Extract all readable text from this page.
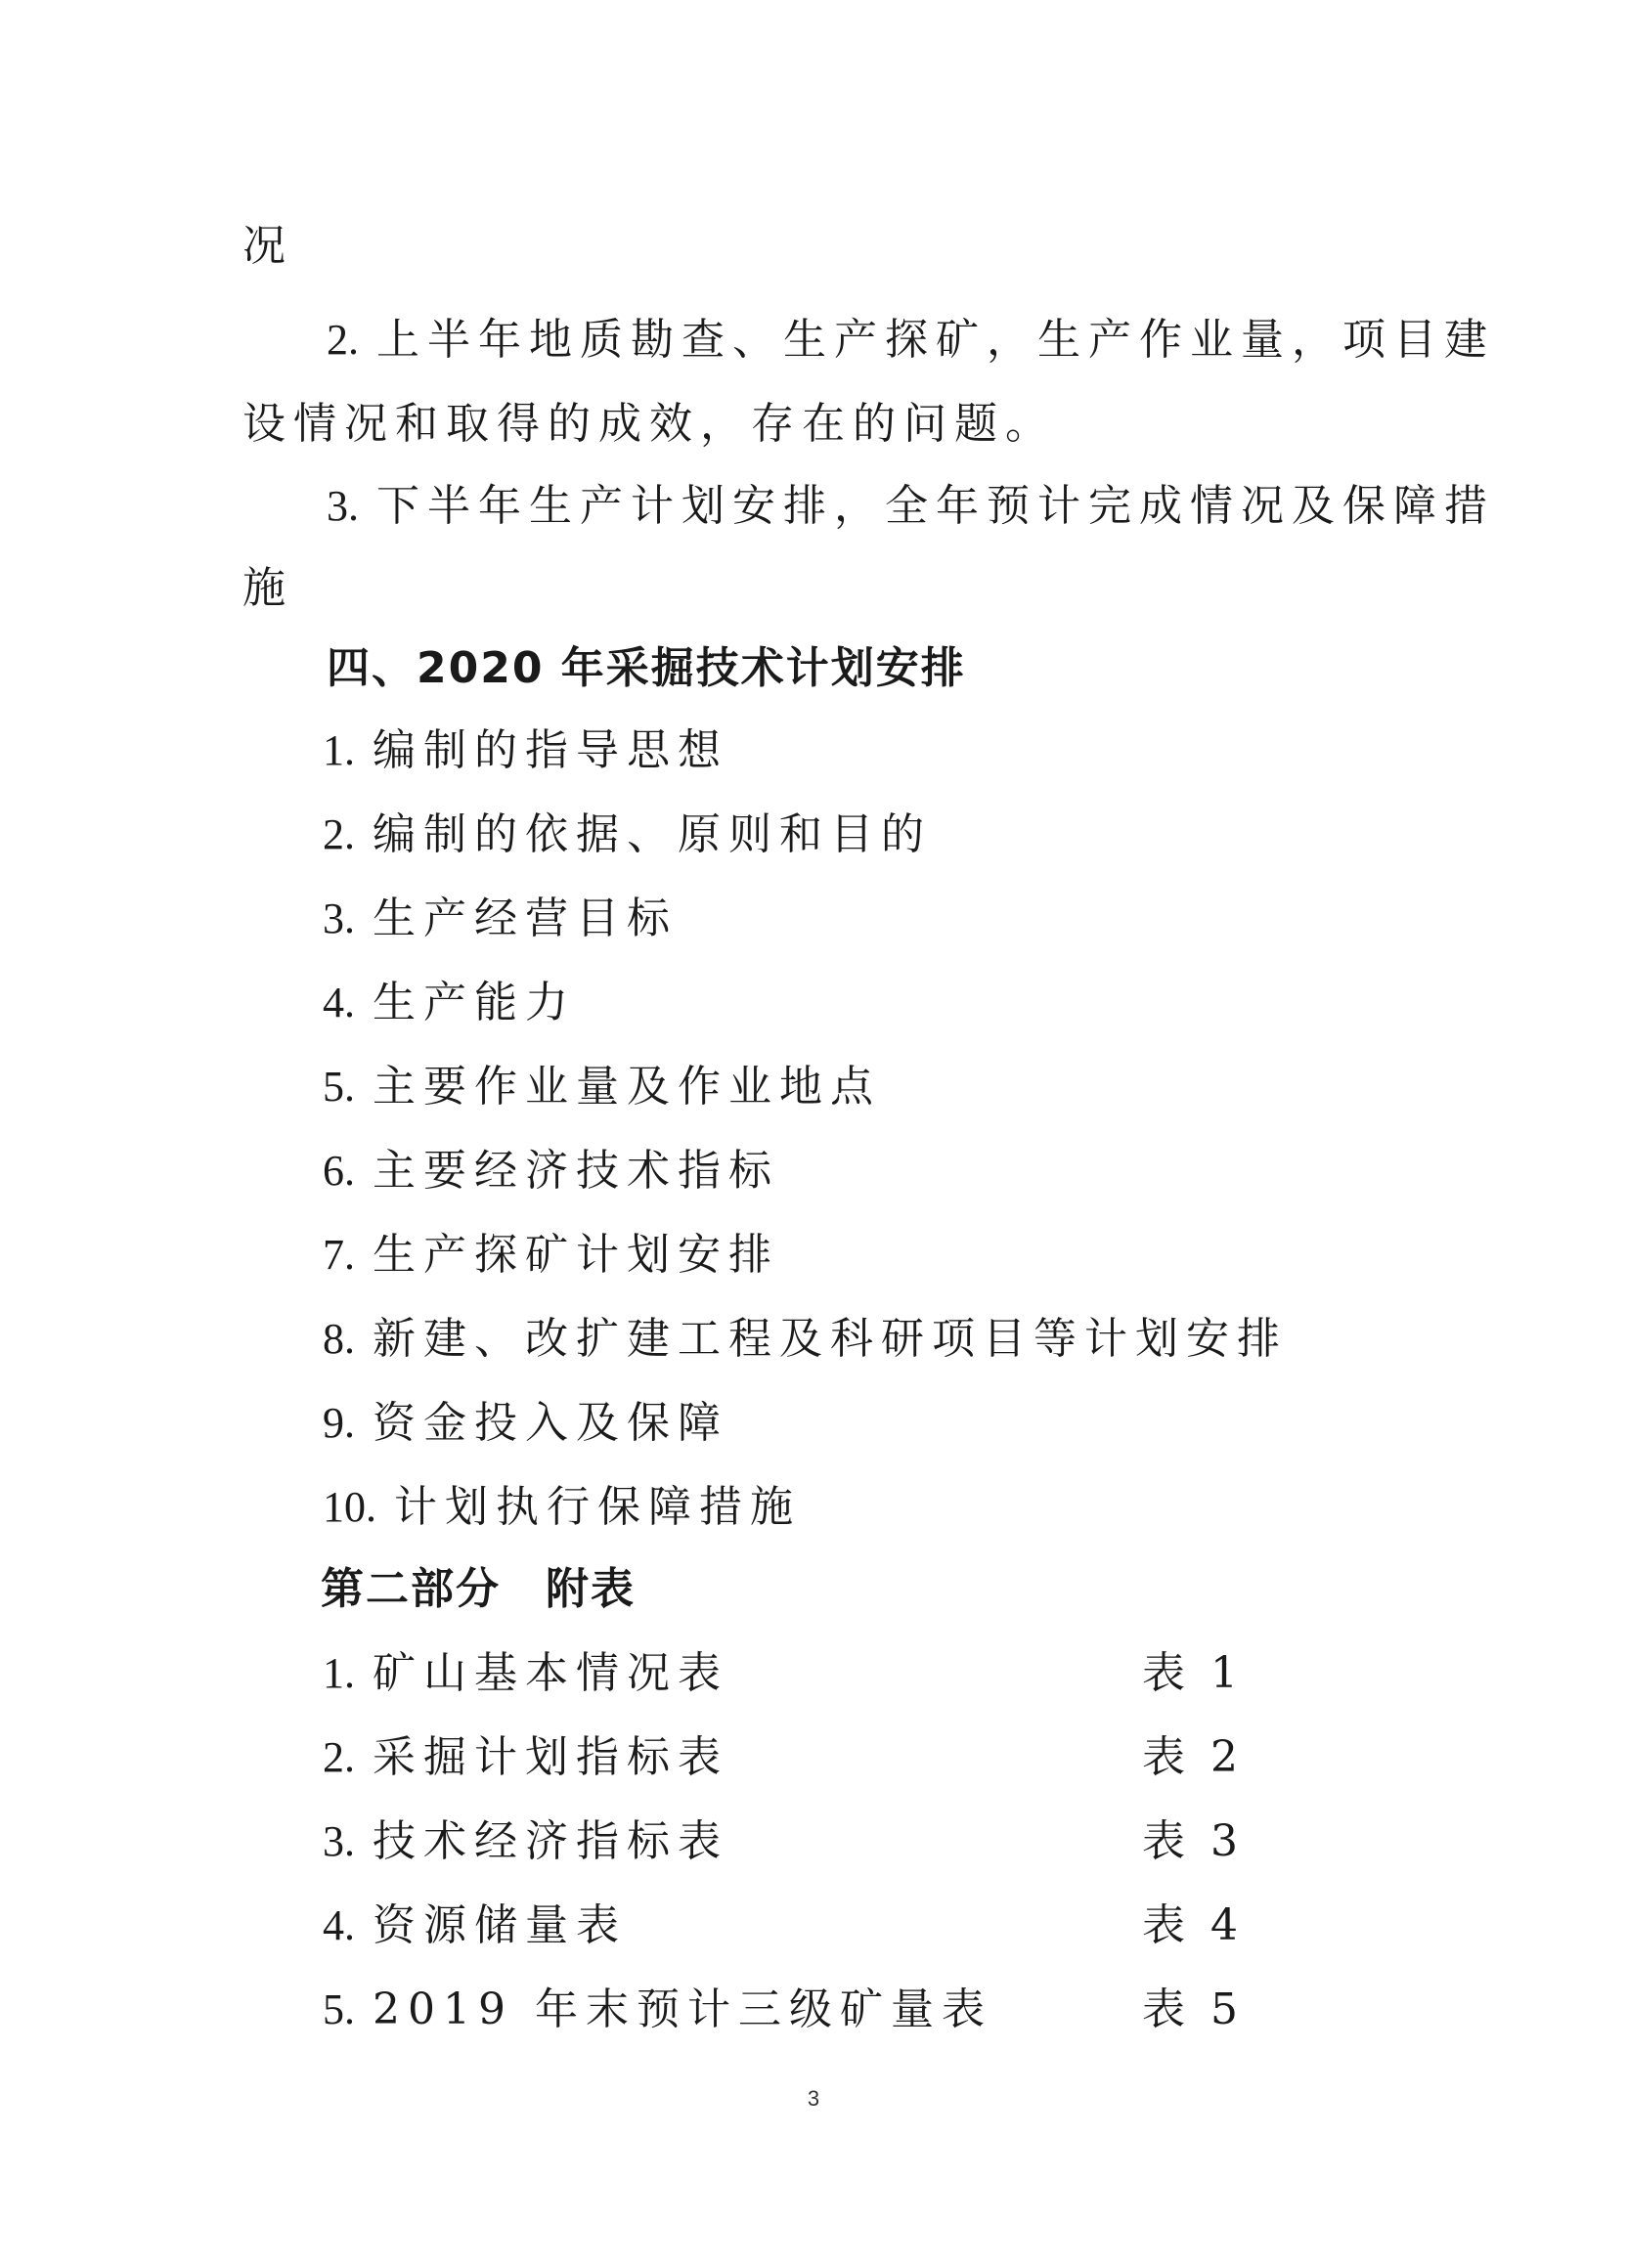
况
2. 上半年地质勘查、生产探矿，生产作业量，项目建
设情况和取得的成效，存在的问题。
3. 下半年生产计划安排，全年预计完成情况及保障措
施
四、2020 年采掘技术计划安排
1. 编制的指导思想
2. 编制的依据、原则和目的
3. 生产经营目标
4. 生产能力
5. 主要作业量及作业地点
6. 主要经济技术指标
7. 生产探矿计划安排
8. 新建、改扩建工程及科研项目等计划安排
9. 资金投入及保障
10. 计划执行保障措施
第二部分　附表
1. 矿山基本情况表	表 1
2. 采掘计划指标表	表 2
3. 技术经济指标表	表 3
4. 资源储量表	表 4
5. 2019 年末预计三级矿量表	表 5
3
